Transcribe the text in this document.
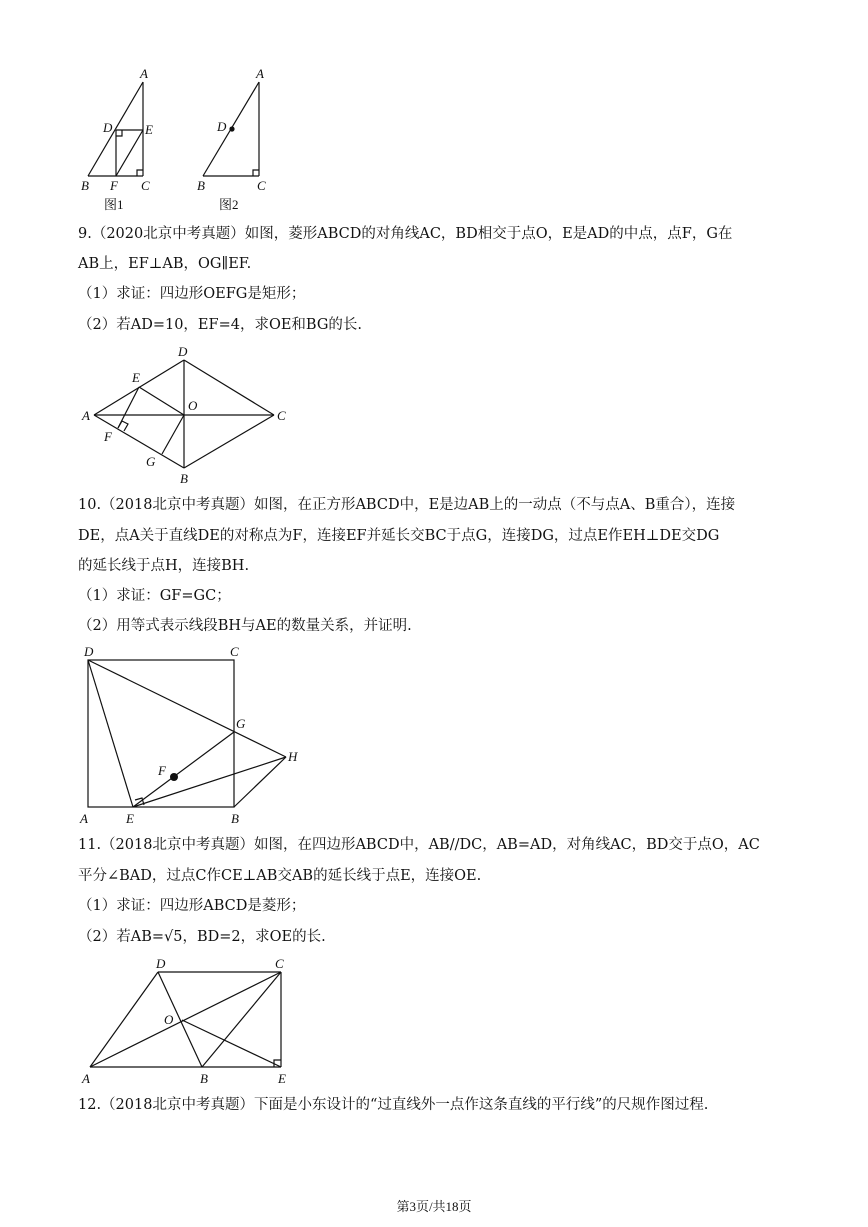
A
D	E
B F C
图1
A
D
B	C
图2
9.（2020北京中考真题）如图，菱形ABCD的对角线AC，BD相交于点O，E是AD的中点，点F，G在
AB上，EF⊥AB，OG∥EF.
（1）求证：四边形OEFG是矩形；
（2）若AD=10，EF=4，求OE和BG的长.
A
D
C
B
E
O
F
G
10.（2018北京中考真题）如图，在正方形ABCD中，E是边AB上的一动点（不与点A、B重合），连接
DE，点A关于直线DE的对称点为F，连接EF并延长交BC于点G，连接DG，过点E作EH⊥DE交DG
的延长线于点H，连接BH.
（1）求证：GF=GC；
（2）用等式表示线段BH与AE的数量关系，并证明.
D	C
G
H
F
A	E	B
11.（2018北京中考真题）如图，在四边形ABCD中，AB//DC，AB=AD，对角线AC，BD交于点O，AC
平分∠BAD，过点C作CE⊥AB交AB的延长线于点E，连接OE.
（1）求证：四边形ABCD是菱形；
（2）若AB=√5，BD=2，求OE的长.
D	C
O
A	B	E
12.（2018北京中考真题）下面是小东设计的“过直线外一点作这条直线的平行线”的尺规作图过程.
第3页/共18页
